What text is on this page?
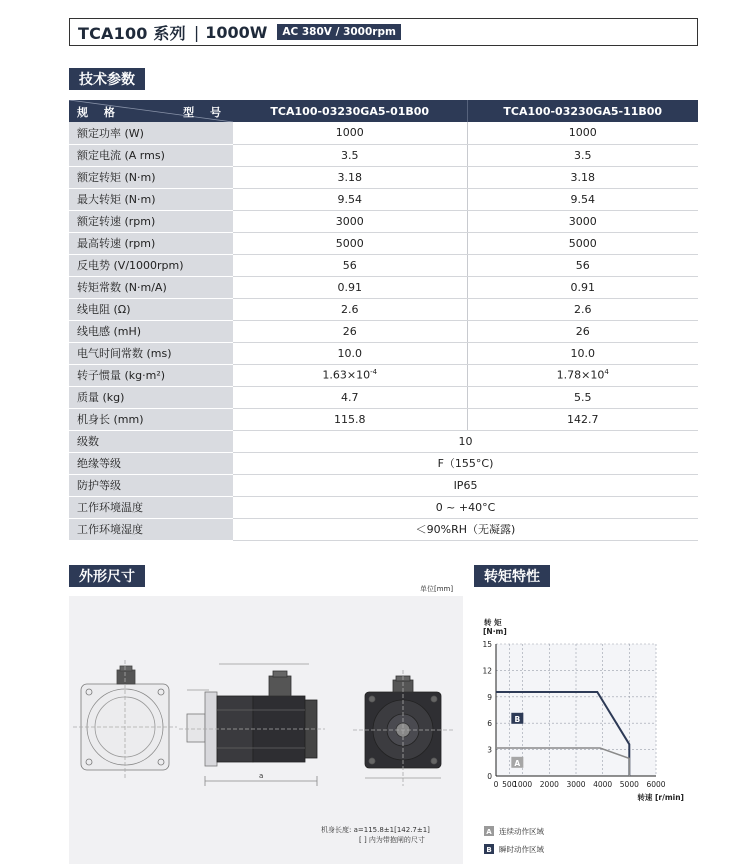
TCA100 系列 | 1000W	AC 380V / 3000rpm
技术参数
规 格 型 号	TCA100-03230GA5-01B00	TCA100-03230GA5-11B00
额定功率 (W)	1000	1000
额定电流 (A rms)	3.5	3.5
额定转矩 (N·m)	3.18	3.18
最大转矩 (N·m)	9.54	9.54
额定转速 (rpm)	3000	3000
最高转速 (rpm)	5000	5000
反电势 (V/1000rpm)	56	56
转矩常数 (N·m/A)	0.91	0.91
线电阻 (Ω)	2.6	2.6
线电感 (mH)	26	26
电气时间常数 (ms)	10.0	10.0
转子惯量 (kg·m²)	$1.63\times 10^{-4}$	$1.78\times 10^4$
质量 (kg)	4.7	5.5
机身长 (mm)	115.8	142.7
级数	10	
绝缘等级	F（155°C)	
防护等级	IP65	
工作环境温度	0 ~ +40°C	
工作环境湿度	＜90%RH（无凝露)	
外形尺寸	转矩特性
a
机身长度: a=115.8±1[142.7±1]
[ ] 内为带抱闸的尺寸
单位[mm]
0 500
1000 2000 3000 4000 5000 6000
0
3
6
9
12
15
B
A
转 矩
[N·m]
转速 [r/min]
A 连续动作区域
B 瞬时动作区域
